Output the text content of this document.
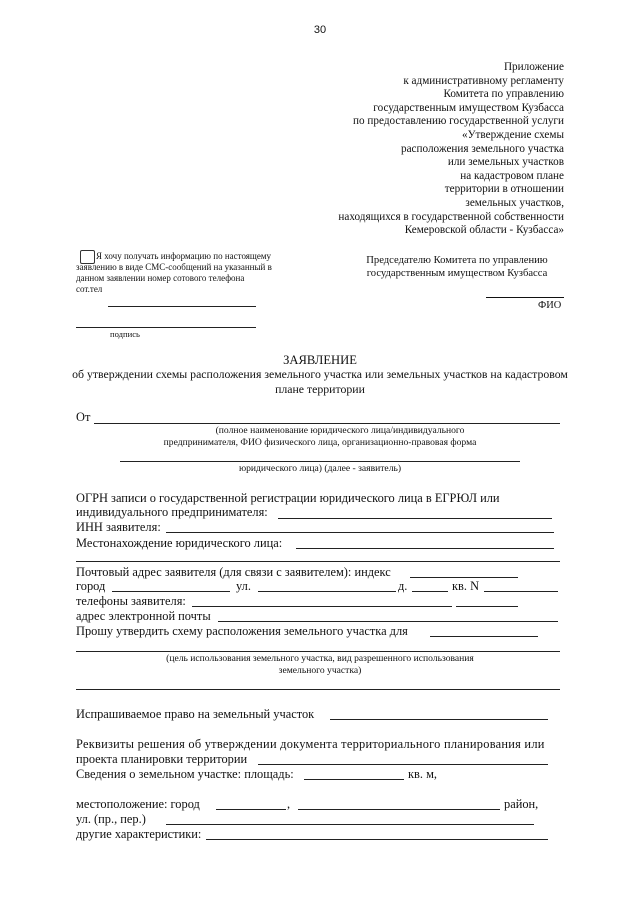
30
Приложение
к административному регламенту
Комитета по управлению
государственным имуществом Кузбасса
по предоставлению государственной услуги
«Утверждение схемы
расположения земельного участка
или земельных участков
на кадастровом плане
территории в отношении
земельных участков,
находящихся в государственной собственности
Кемеровской области - Кузбасса»
Председателю Комитета по управлению государственным имуществом Кузбасса
ФИО
Я хочу получать информацию по настоящему заявлению в виде СМС-сообщений на указанный в данном заявлении номер сотового телефона
сот.тел
подпись
ЗАЯВЛЕНИЕ
об утверждении схемы расположения земельного участка или земельных участков на кадастровом плане территории
От
(полное наименование юридического лица/индивидуального
предпринимателя, ФИО физического лица, организационно-правовая форма
юридического лица) (далее - заявитель)
ОГРН записи о государственной регистрации юридического лица в ЕГРЮЛ или
индивидуального предпринимателя:
ИНН заявителя:
Местонахождение юридического лица:
Почтовый адрес заявителя (для связи с заявителем): индекс
город	ул.	д.	кв. N
телефоны заявителя:
адрес электронной почты
Прошу утвердить схему расположения земельного участка для
(цель использования земельного участка, вид разрешенного использования
земельного участка)
Испрашиваемое право на земельный участок
Реквизиты решения об утверждении документа территориального планирования или
проекта планировки территории
Сведения о земельном участке: площадь:	кв. м,
местоположение: город	,	район,
ул. (пр., пер.)
другие характеристики:
